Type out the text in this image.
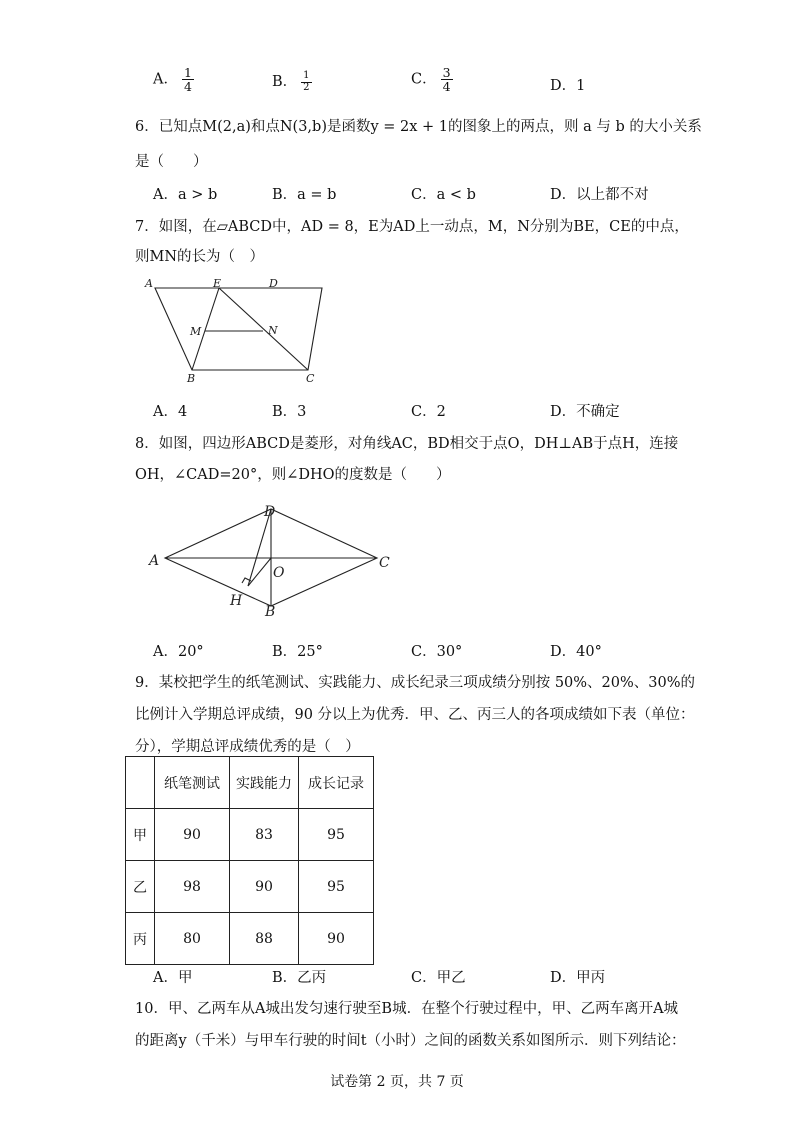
A． $\frac{1}{4}$	B． $\frac{1}{2}$	C． $\frac{3}{4}$	D．1
6．已知点M(2,a)和点N(3,b)是函数y = 2x + 1的图象上的两点，则 a 与 b 的大小关系
是（　　）
A．a > b	B．a = b	C．a < b	D．以上都不对
7．如图，在▱ABCD中，AD = 8，E为AD上一动点，M，N分别为BE，CE的中点，
则MN的长为（　）
A	E	D
M	N
B	C
A．4	B．3	C．2	D．不确定
8．如图，四边形ABCD是菱形，对角线AC，BD相交于点O，DH⊥AB于点H，连接
OH，∠CAD=20°，则∠DHO的度数是（　　）
A
D
O
C
H
B
A．20°	B．25°	C．30°	D．40°
9．某校把学生的纸笔测试、实践能力、成长纪录三项成绩分别按 50%、20%、30%的
比例计入学期总评成绩，90 分以上为优秀．甲、乙、丙三人的各项成绩如下表（单位：
分），学期总评成绩优秀的是（　）
	纸笔测试	实践能力	成长记录
甲	90	83	95
乙	98	90	95
丙	80	88	90
A．甲	B．乙丙	C．甲乙	D．甲丙
10．甲、乙两车从A城出发匀速行驶至B城．在整个行驶过程中，甲、乙两车离开A城
的距离y（千米）与甲车行驶的时间t（小时）之间的函数关系如图所示．则下列结论：
试卷第 2 页，共 7 页
